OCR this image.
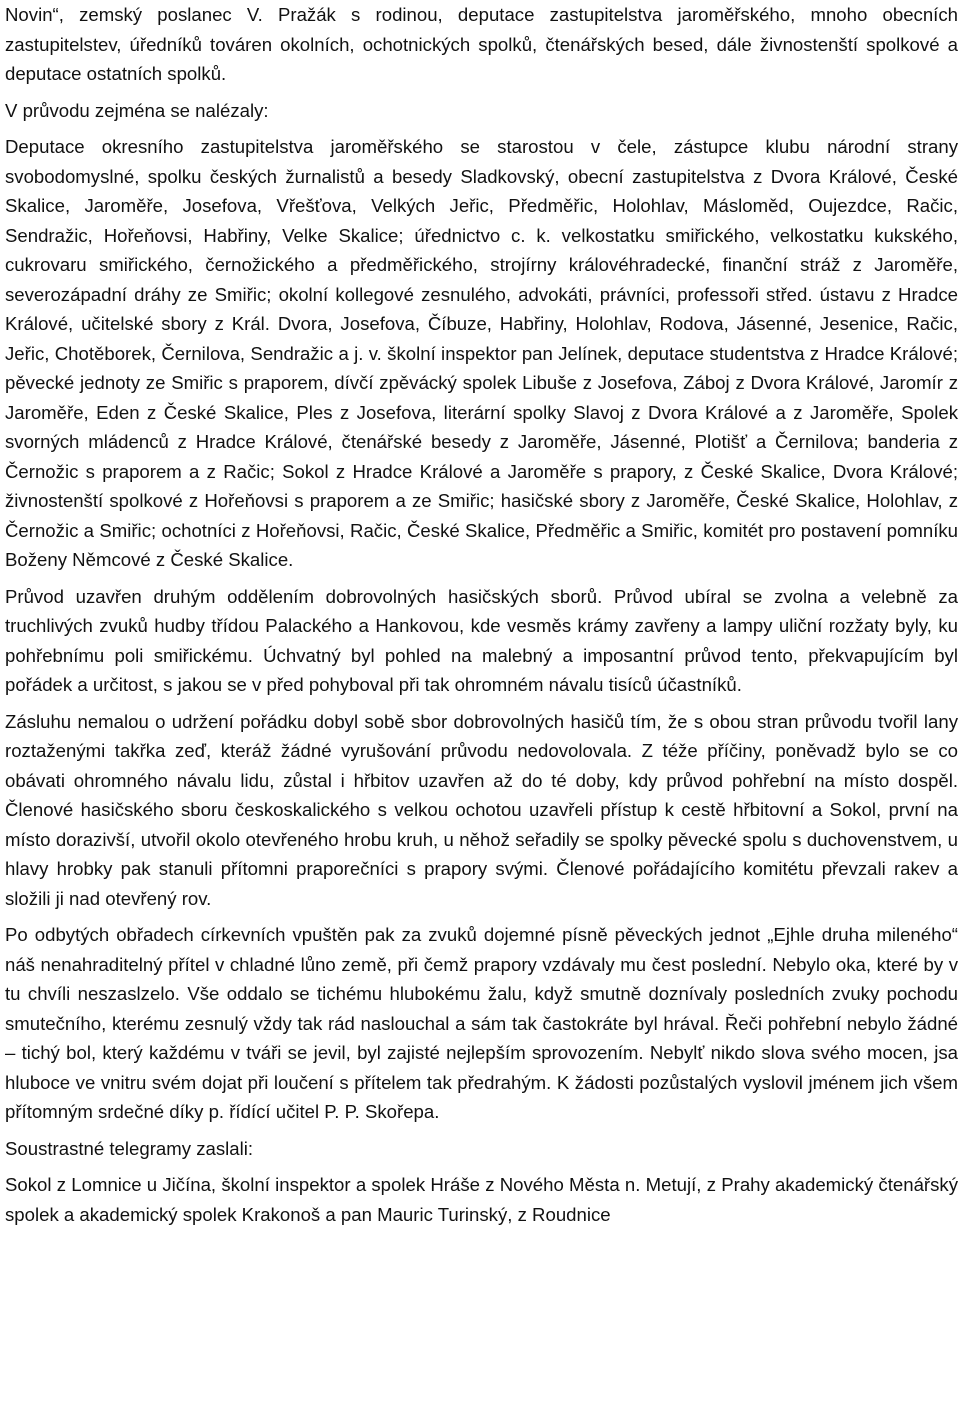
Novin“, zemský poslanec V. Pražák s rodinou, deputace zastupitelstva jaroměřského, mnoho obecních zastupitelstev, úředníků továren okolních, ochotnických spolků, čtenářských besed, dále živnostenští spolkové a deputace ostatních spolků.

V průvodu zejména se nalézaly:

Deputace okresního zastupitelstva jaroměřského se starostou v čele, zástupce klubu národní strany svobodomyslné, spolku českých žurnalistů a besedy Sladkovský, obecní zastupitelstva z Dvora Králové, České Skalice, Jaroměře, Josefova, Vřešťova, Velkých Jeřic, Předměřic, Holohlav, Másloměd, Oujezdce, Račic, Sendražic, Hořeňovsi, Habřiny, Velke Skalice; úřednictvo c. k. velkostatku smiřického, velkostatku kukského, cukrovaru smiřického, černožického a předměřického, strojírny královéhradecké, finanční stráž z Jaroměře, severozápadní dráhy ze Smiřic; okolní kollegové zesnulého, advokáti, právníci, professoři střed. ústavu z Hradce Králové, učitelské sbory z Král. Dvora, Josefova, Číbuze, Habřiny, Holohlav, Rodova, Jásenné, Jesenice, Račic, Jeřic, Chotěborek, Černilova, Sendražic a j. v. školní inspektor pan Jelínek, deputace studentstva z Hradce Králové; pěvecké jednoty ze Smiřic s praporem, dívčí zpěvácký spolek Libuše z Josefova, Záboj z Dvora Králové, Jaromír z Jaroměře, Eden z České Skalice, Ples z Josefova, literární spolky Slavoj z Dvora Králové a z Jaroměře, Spolek svorných mládenců z Hradce Králové, čtenářské besedy z Jaroměře, Jásenné, Plotišť a Černilova; banderia z Černožic s praporem a z Račic; Sokol z Hradce Králové a Jaroměře s prapory, z České Skalice, Dvora Králové; živnostenští spolkové z Hořeňovsi s praporem a ze Smiřic; hasičské sbory z Jaroměře, České Skalice, Holohlav, z Černožic a Smiřic; ochotníci z Hořeňovsi, Račic, České Skalice, Předměřic a Smiřic, komitét pro postavení pomníku Boženy Němcové z České Skalice.

Průvod uzavřen druhým oddělením dobrovolných hasičských sborů. Průvod ubíral se zvolna a velebně za truchlivých zvuků hudby třídou Palackého a Hankovou, kde vesměs krámy zavřeny a lampy uliční rozžaty byly, ku pohřebnímu poli smiřickému. Úchvatný byl pohled na malebný a imposantní průvod tento, překvapujícím byl pořádek a určitost, s jakou se v před pohyboval při tak ohromném návalu tisíců účastníků.

Zásluhu nemalou o udržení pořádku dobyl sobě sbor dobrovolných hasičů tím, že s obou stran průvodu tvořil lany roztaženými takřka zeď, kteráž žádné vyrušování průvodu nedovolovala. Z téže příčiny, poněvadž bylo se co obávati ohromného návalu lidu, zůstal i hřbitov uzavřen až do té doby, kdy průvod pohřební na místo dospěl. Členové hasičského sboru českoskalického s velkou ochotou uzavřeli přístup k cestě hřbitovní a Sokol, první na místo dorazivší, utvořil okolo otevřeného hrobu kruh, u něhož seřadily se spolky pěvecké spolu s duchovenstvem, u hlavy hrobky pak stanuli přítomni praporečníci s prapory svými. Členové pořádajícího komitétu převzali rakev a složili ji nad otevřený rov.

Po odbytých obřadech církevních vpuštěn pak za zvuků dojemné písně pěveckých jednot „Ejhle druha mileného“ náš nenahraditelný přítel v chladné lůno země, při čemž prapory vzdávaly mu čest poslední. Nebylo oka, které by v tu chvíli neszaslzelo. Vše oddalo se tichému hlubokému žalu, když smutně doznívaly posledních zvuky pochodu smutečního, kterému zesnulý vždy tak rád naslouchal a sám tak častokráte byl hrával. Řeči pohřební nebylo žádné – tichý bol, který každému v tváři se jevil, byl zajisté nejlepším sprovozením. Nebylť nikdo slova svého mocen, jsa hluboce ve vnitru svém dojat při loučení s přítelem tak předrahým. K žádosti pozůstalých vyslovil jménem jich všem přítomným srdečné díky p. řídící učitel P. P. Skořepa.

Soustrastné telegramy zaslali:

Sokol z Lomnice u Jičína, školní inspektor a spolek Hráše z Nového Města n. Metují, z Prahy akademický čtenářský spolek a akademický spolek Krakonoš a pan Mauric Turinský, z Roudnice
